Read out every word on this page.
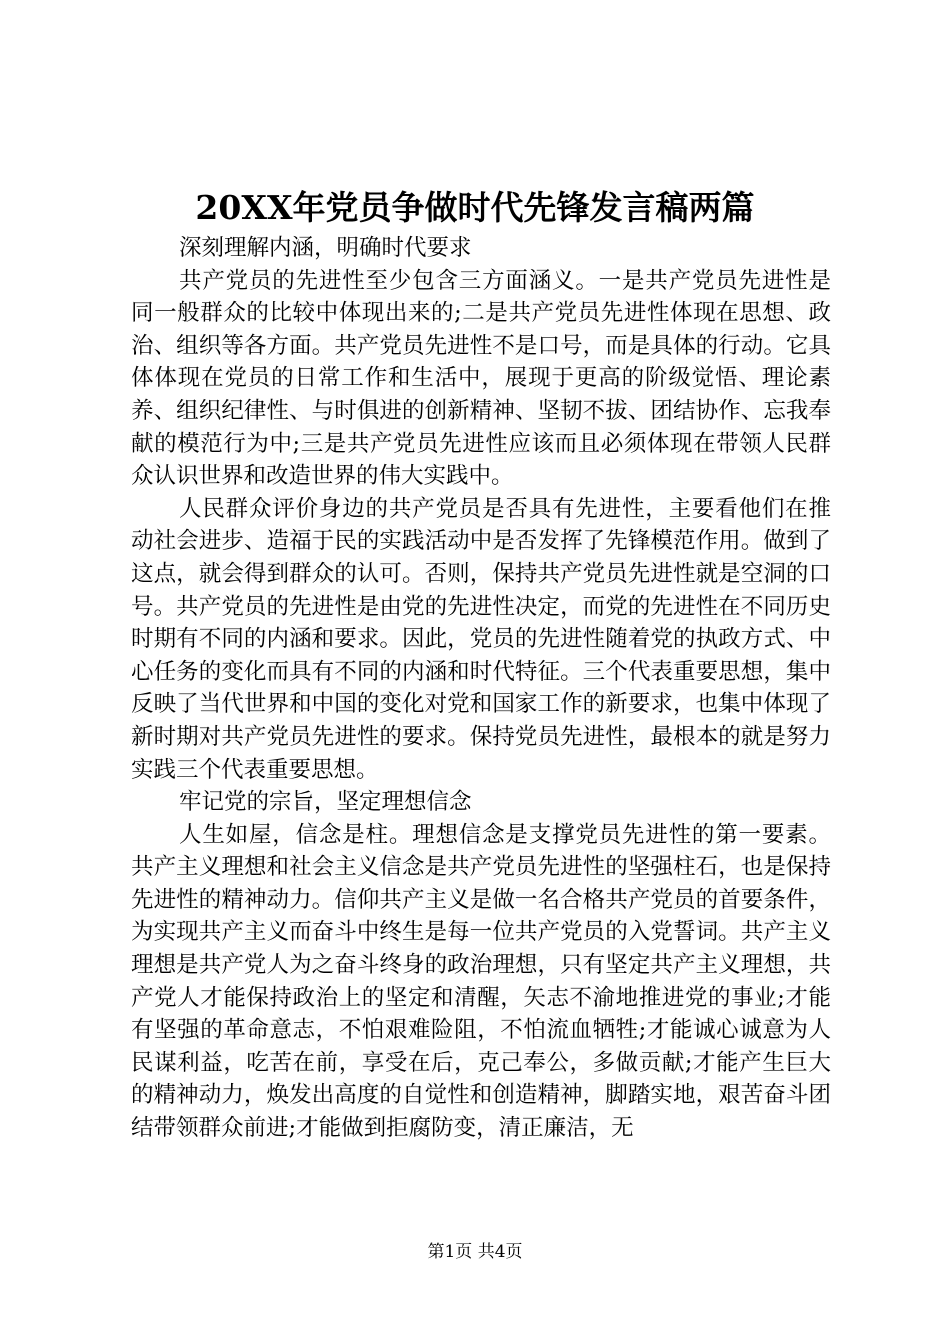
20XX年党员争做时代先锋发言稿两篇

深刻理解内涵，明确时代要求

共产党员的先进性至少包含三方面涵义。一是共产党员先进性是同一般群众的比较中体现出来的;二是共产党员先进性体现在思想、政治、组织等各方面。共产党员先进性不是口号，而是具体的行动。它具体体现在党员的日常工作和生活中，展现于更高的阶级觉悟、理论素养、组织纪律性、与时俱进的创新精神、坚韧不拔、团结协作、忘我奉献的模范行为中;三是共产党员先进性应该而且必须体现在带领人民群众认识世界和改造世界的伟大实践中。

人民群众评价身边的共产党员是否具有先进性，主要看他们在推动社会进步、造福于民的实践活动中是否发挥了先锋模范作用。做到了这点，就会得到群众的认可。否则，保持共产党员先进性就是空洞的口号。共产党员的先进性是由党的先进性决定，而党的先进性在不同历史时期有不同的内涵和要求。因此，党员的先进性随着党的执政方式、中心任务的变化而具有不同的内涵和时代特征。三个代表重要思想，集中反映了当代世界和中国的变化对党和国家工作的新要求，也集中体现了新时期对共产党员先进性的要求。保持党员先进性，最根本的就是努力实践三个代表重要思想。

牢记党的宗旨，坚定理想信念

人生如屋，信念是柱。理想信念是支撑党员先进性的第一要素。共产主义理想和社会主义信念是共产党员先进性的坚强柱石，也是保持先进性的精神动力。信仰共产主义是做一名合格共产党员的首要条件，为实现共产主义而奋斗中终生是每一位共产党员的入党誓词。共产主义理想是共产党人为之奋斗终身的政治理想，只有坚定共产主义理想，共产党人才能保持政治上的坚定和清醒，矢志不渝地推进党的事业;才能有坚强的革命意志，不怕艰难险阻，不怕流血牺牲;才能诚心诚意为人民谋利益，吃苦在前，享受在后，克己奉公，多做贡献;才能产生巨大的精神动力，焕发出高度的自觉性和创造精神，脚踏实地，艰苦奋斗团结带领群众前进;才能做到拒腐防变，清正廉洁，无

第1页 共4页
